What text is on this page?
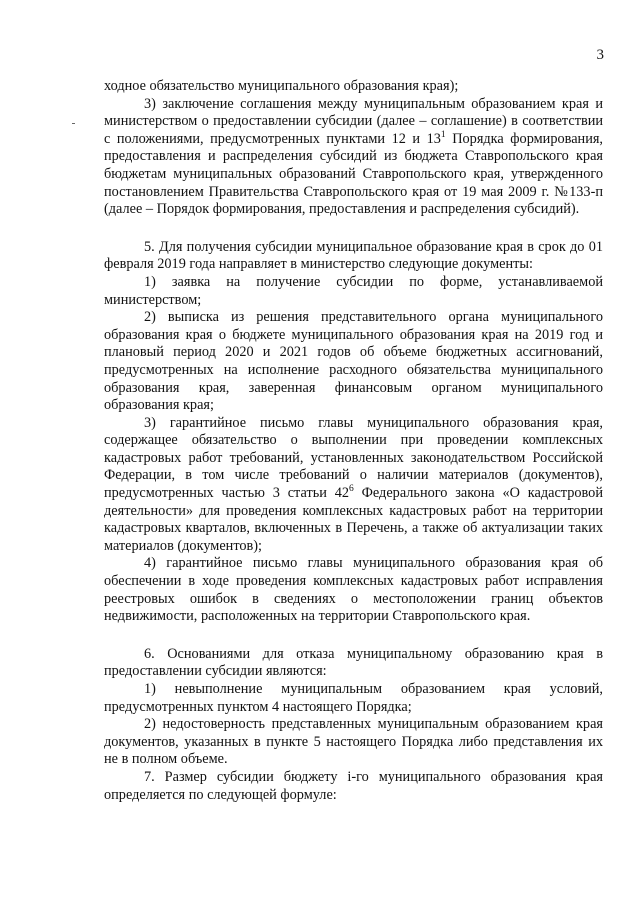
3

ходное обязательство муниципального образования края);

3) заключение соглашения между муниципальным образованием края и министерством о предоставлении субсидии (далее – соглашение) в соответствии с положениями, предусмотренных пунктами 12 и $13^1$ Порядка формирования, предоставления и распределения субсидий из бюджета Ставропольского края бюджетам муниципальных образований Ставропольского края, утвержденного постановлением Правительства Ставропольского края от 19 мая 2009 г. №133-п (далее – Порядок формирования, предоставления и распределения субсидий).

5. Для получения субсидии муниципальное образование края в срок до 01 февраля 2019 года направляет в министерство следующие документы:

1) заявка на получение субсидии по форме, устанавливаемой министерством;

2) выписка из решения представительного органа муниципального образования края о бюджете муниципального образования края на 2019 год и плановый период 2020 и 2021 годов об объеме бюджетных ассигнований, предусмотренных на исполнение расходного обязательства муниципального образования края, заверенная финансовым органом муниципального образования края;

3) гарантийное письмо главы муниципального образования края, содержащее обязательство о выполнении при проведении комплексных кадастровых работ требований, установленных законодательством Российской Федерации, в том числе требований о наличии материалов (документов), предусмотренных частью 3 статьи $42^6$ Федерального закона «О кадастровой деятельности» для проведения комплексных кадастровых работ на территории кадастровых кварталов, включенных в Перечень, а также об актуализации таких материалов (документов);

4) гарантийное письмо главы муниципального образования края об обеспечении в ходе проведения комплексных кадастровых работ исправления реестровых ошибок в сведениях о местоположении границ объектов недвижимости, расположенных на территории Ставропольского края.

6. Основаниями для отказа муниципальному образованию края в предоставлении субсидии являются:

1) невыполнение муниципальным образованием края условий, предусмотренных пунктом 4 настоящего Порядка;

2) недостоверность представленных муниципальным образованием края документов, указанных в пункте 5 настоящего Порядка либо представления их не в полном объеме.

7. Размер субсидии бюджету i-го муниципального образования края определяется по следующей формуле:
